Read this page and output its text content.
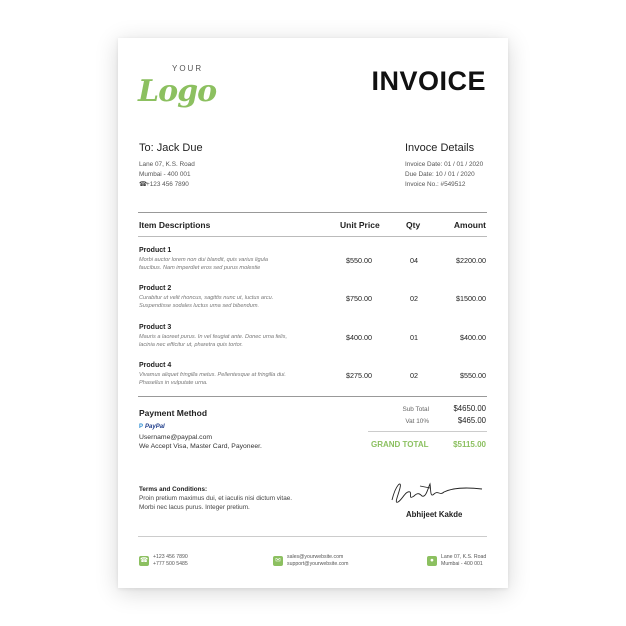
YOUR
Logo	INVOICE
To: Jack Due
Lane 07, K.S. Road
Mumbai - 400 001
☎+123 456 7890
Invoce Details
Invoice Date: 01 / 01 / 2020
Due Date: 10 / 01 / 2020
Invoice No.: #549512
Item Descriptions	Unit Price	Qty	Amount
Product 1
Morbi auctor lorem non dui blandit, quis varius ligula faucibus. Nam imperdiet eros sed purus molestie
$550.00	04	$2200.00
Product 2
Curabitur ut velit rhoncus, sagittis nunc ut, luctus arcu. Suspendisse sodales luctus urna sed bibendum.
$750.00	02	$1500.00
Product 3
Mauris a laoreet purus. In vel feugiat ante. Donec urna felis, lacinia nec efficitur ut, pharetra quis tortor.
$400.00	01	$400.00
Product 4
Vivamus aliquet fringilla metus. Pellentesque at fringilla dui. Phasellus in vulputate urna.
$275.00	02	$550.00
Payment Method
P PayPal
Username@paypal.com
We Accept Visa, Master Card, Payoneer.
Sub Total	$4650.00
Vat 10%	$465.00
GRAND TOTAL	$5115.00
Terms and Conditions:
Proin pretium maximus dui, et iaculis nisi dictum vitae. Morbi nec lacus purus. Integer pretium.
Abhijeet Kakde
☎ +123 456 7890
+777 500 5485	✉	sales@yourwebsite.com
support@yourwebsite.com	●	Lane 07, K.S. Road
Mumbai - 400 001
